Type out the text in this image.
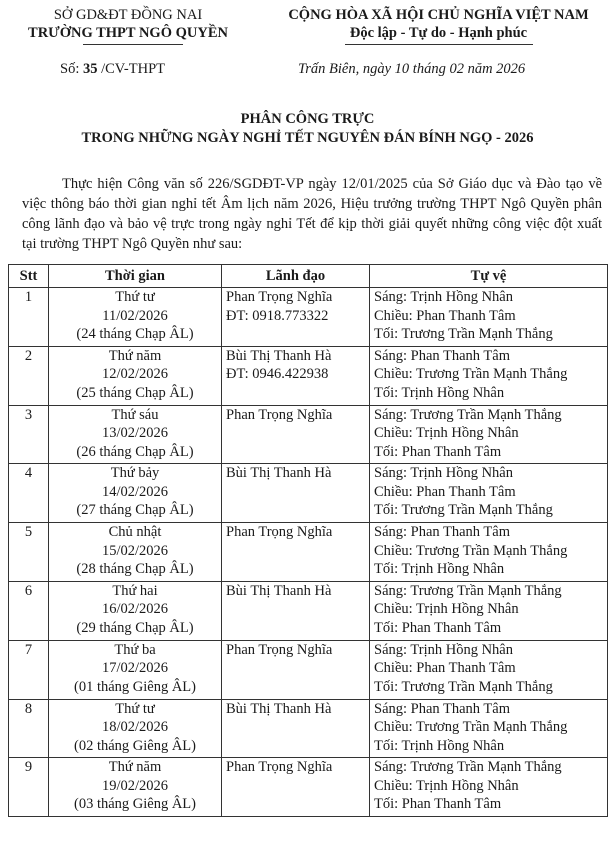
SỞ GD&ĐT ĐỒNG NAI
TRƯỜNG THPT NGÔ QUYỀN
CỘNG HÒA XÃ HỘI CHỦ NGHĨA VIỆT NAM
Độc lập - Tự do - Hạnh phúc
Số: 35 /CV-THPT	Trấn Biên, ngày 10 tháng 02 năm 2026
PHÂN CÔNG TRỰC
TRONG NHỮNG NGÀY NGHỈ TẾT NGUYÊN ĐÁN BÍNH NGỌ - 2026

Thực hiện Công văn số 226/SGDĐT-VP ngày 12/01/2025 của Sở Giáo dục và Đào tạo về việc thông báo thời gian nghỉ tết Âm lịch năm 2026, Hiệu trưởng trường THPT Ngô Quyền phân công lãnh đạo và bảo vệ trực trong ngày nghỉ Tết để kịp thời giải quyết những công việc đột xuất tại trường THPT Ngô Quyền như sau:

Stt	Thời gian	Lãnh đạo	Tự vệ

1	Thứ tư
11/02/2026
(24 tháng Chạp ÂL)	Phan Trọng Nghĩa
ĐT: 0918.773322	Sáng: Trịnh Hồng Nhân
Chiều: Phan Thanh Tâm
Tối: Trương Trần Mạnh Thắng

2	Thứ năm
12/02/2026
(25 tháng Chạp ÂL)	Bùi Thị Thanh Hà
ĐT: 0946.422938	Sáng: Phan Thanh Tâm
Chiều: Trương Trần Mạnh Thắng
Tối: Trịnh Hồng Nhân

3	Thứ sáu
13/02/2026
(26 tháng Chạp ÂL)	Phan Trọng Nghĩa	Sáng: Trương Trần Mạnh Thắng
Chiều: Trịnh Hồng Nhân
Tối: Phan Thanh Tâm

4	Thứ bảy
14/02/2026
(27 tháng Chạp ÂL)	Bùi Thị Thanh Hà	Sáng: Trịnh Hồng Nhân
Chiều: Phan Thanh Tâm
Tối: Trương Trần Mạnh Thắng

5	Chủ nhật
15/02/2026
(28 tháng Chạp ÂL)	Phan Trọng Nghĩa	Sáng: Phan Thanh Tâm
Chiều: Trương Trần Mạnh Thắng
Tối: Trịnh Hồng Nhân

6	Thứ hai
16/02/2026
(29 tháng Chạp ÂL)	Bùi Thị Thanh Hà	Sáng: Trương Trần Mạnh Thắng
Chiều: Trịnh Hồng Nhân
Tối: Phan Thanh Tâm

7	Thứ ba
17/02/2026
(01 tháng Giêng ÂL)	Phan Trọng Nghĩa	Sáng: Trịnh Hồng Nhân
Chiều: Phan Thanh Tâm
Tối: Trương Trần Mạnh Thắng

8	Thứ tư
18/02/2026
(02 tháng Giêng ÂL)	Bùi Thị Thanh Hà	Sáng: Phan Thanh Tâm
Chiều: Trương Trần Mạnh Thắng
Tối: Trịnh Hồng Nhân

9	Thứ năm
19/02/2026
(03 tháng Giêng ÂL)	Phan Trọng Nghĩa	Sáng: Trương Trần Mạnh Thắng
Chiều: Trịnh Hồng Nhân
Tối: Phan Thanh Tâm
